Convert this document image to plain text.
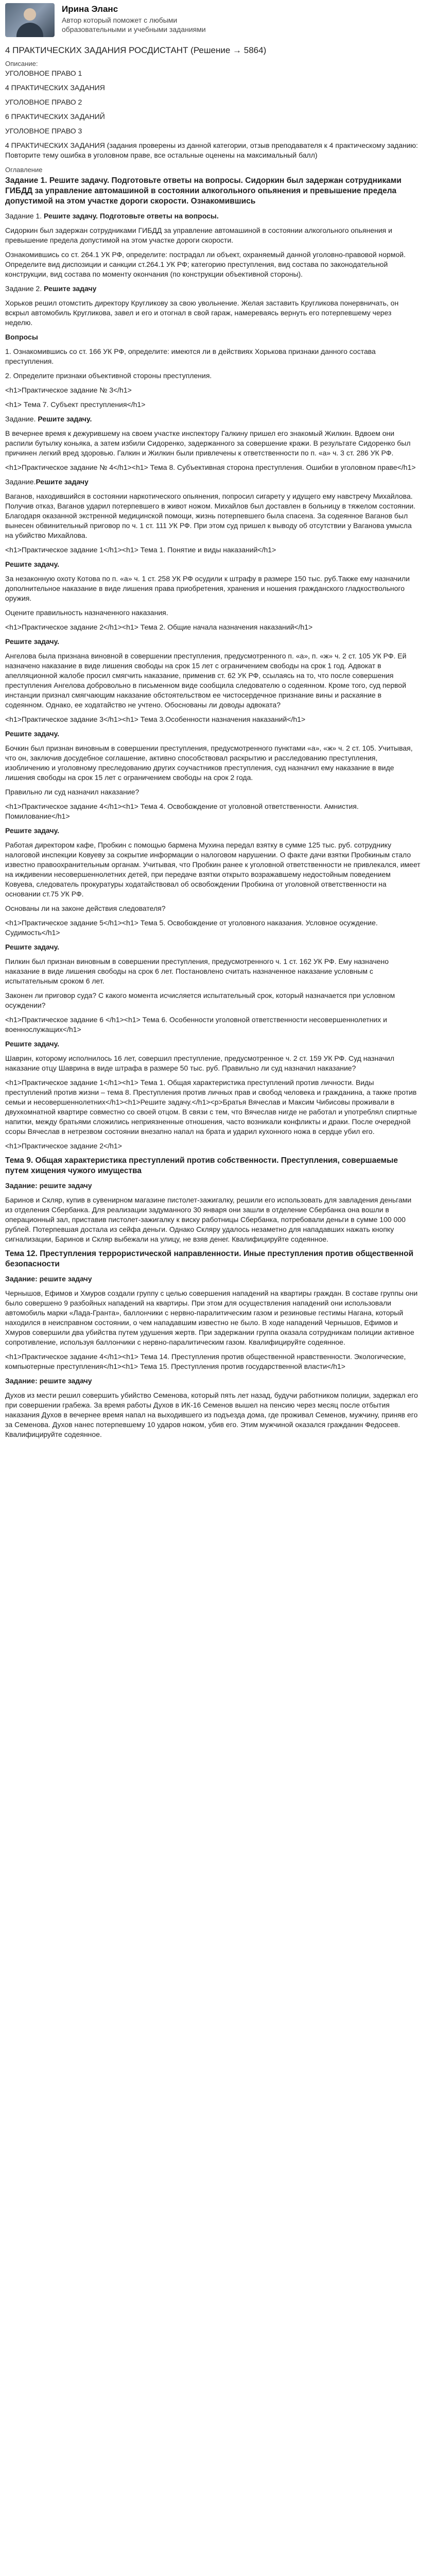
Ирина Эланс
Автор который поможет с любыми образовательными и учебными заданиями
4 ПРАКТИЧЕСКИХ ЗАДАНИЯ РОСДИСТАНТ (Решение → 5864)
Описание:
УГОЛОВНОЕ ПРАВО 1
4 ПРАКТИЧЕСКИХ ЗАДАНИЯ
УГОЛОВНОЕ ПРАВО 2
6 ПРАКТИЧЕСКИХ ЗАДАНИЙ
УГОЛОВНОЕ ПРАВО 3
4 ПРАКТИЧЕСКИХ ЗАДАНИЯ (задания проверены из данной категории, отзыв преподавателя к 4 практическому заданию: Повторите тему ошибка в уголовном праве, все остальные оценены на максимальный балл)
Оглавление
Задание 1. Решите задачу. Подготовьте ответы на вопросы. Сидоркин был задержан сотрудниками ГИБДД за управление автомашиной в состоянии алкогольного опьянения и превышение предела допустимой на этом участке дороги скорости. Ознакомившись
Задание 1. Решите задачу. Подготовьте ответы на вопросы.
Сидоркин был задержан сотрудниками ГИБДД за управление автомашиной в состоянии алкогольного опьянения и превышение предела допустимой на этом участке дороги скорости.
Ознакомившись со ст. 264.1 УК РФ, определите: пострадал ли объект, охраняемый данной уголовно-правовой нормой. Определите вид диспозиции и санкции ст.264.1 УК РФ; категорию преступления, вид состава по законодательной конструкции, вид состава по моменту окончания (по конструкции объективной стороны).
Задание 2. Решите задачу
Хорьков решил отомстить директору Кругликову за свою увольнение. Желая заставить Кругликова понервничать, он вскрыл автомобиль Кругликова, завел и его и отогнал в свой гараж, намереваясь вернуть его потерпевшему через неделю.
Вопросы
1. Ознакомившись со ст. 166 УК РФ, определите: имеются ли в действиях Хорькова признаки данного состава преступления.
2. Определите признаки объективной стороны преступления.
<h1>Практическое задание № 3</h1>
<h1> Тема 7. Субъект преступления</h1>
Задание. Решите задачу.
В вечернее время к дежурившему на своем участке инспектору Галкину пришел его знакомый Жилкин. Вдвоем они распили бутылку коньяка, а затем избили Сидоренко, задержанного за совершение кражи. В результате Сидоренко был причинен легкий вред здоровью. Галкин и Жилкин были привлечены к ответственности по п. «а» ч. 3 ст. 286 УК РФ.
<h1>Практическое задание № 4</h1><h1> Тема 8. Субъективная сторона преступления. Ошибки в уголовном праве</h1>
Задание.Решите задачу
Ваганов, находившийся в состоянии наркотического опьянения, попросил сигарету у идущего ему навстречу Михайлова. Получив отказ, Ваганов ударил потерпевшего в живот ножом. Михайлов был доставлен в больницу в тяжелом состоянии. Благодаря оказанной экстренной медицинской помощи, жизнь потерпевшего была спасена. За содеянное Ваганов был вынесен обвинительный приговор по ч. 1 ст. 111 УК РФ. При этом суд пришел к выводу об отсутствии у Ваганова умысла на убийство Михайлова.
<h1>Практическое задание 1</h1><h1> Тема 1. Понятие и виды наказаний</h1>
Решите задачу.
За незаконную охоту Котова по п. «а» ч. 1 ст. 258 УК РФ осудили к штрафу в размере 150 тыс. руб.Также ему назначили дополнительное наказание в виде лишения права приобретения, хранения и ношения гражданского гладкоствольного оружия.
Оцените правильность назначенного наказания.
<h1>Практическое задание 2</h1><h1> Тема 2. Общие начала назначения наказаний</h1>
Решите задачу.
Ангелова была признана виновной в совершении преступления, предусмотренного п. «а», п. «ж» ч. 2 ст. 105 УК РФ. Ей назначено наказание в виде лишения свободы на срок 15 лет с ограничением свободы на срок 1 год. Адвокат в апелляционной жалобе просил смягчить наказание, применив ст. 62 УК РФ, ссылаясь на то, что после совершения преступления Ангелова добровольно в письменном виде сообщила следователю о содеянном. Кроме того, суд первой инстанции признал смягчающим наказание обстоятельством ее чистосердечное признание вины и раскаяние в содеянном. Однако, ее ходатайство не учтено. Обоснованы ли доводы адвоката?
<h1>Практическое задание 3</h1><h1> Тема 3.Особенности назначения наказаний</h1>
Решите задачу.
Бочкин был признан виновным в совершении преступления, предусмотренного пунктами «а», «ж» ч. 2 ст. 105. Учитывая, что он, заключив досудебное соглашение, активно способствовал раскрытию и расследованию преступления, изобличению и уголовному преследованию других соучастников преступления, суд назначил ему наказание в виде лишения свободы на срок 15 лет с ограничением свободы на срок 2 года.
Правильно ли суд назначил наказание?
<h1>Практическое задание 4</h1><h1> Тема 4. Освобождение от уголовной ответственности. Амнистия. Помилование</h1>
Решите задачу.
Работая директором кафе, Пробкин с помощью бармена Мухина передал взятку в сумме 125 тыс. руб. сотруднику налоговой инспекции Ковуеву за сокрытие информации о налоговом нарушении. О факте дачи взятки Пробкиным стало известно правоохранительным органам. Учитывая, что Пробкин ранее к уголовной ответственности не привлекался, имеет на иждивении несовершеннолетних детей, при передаче взятки открыто возражавшему недостойным поведением Ковуева, следователь прокуратуры ходатайствовал об освобождении Пробкина от уголовной ответственности на основании ст.75 УК РФ.
Основаны ли на законе действия следователя?
<h1>Практическое задание 5</h1><h1> Тема 5. Освобождение от уголовного наказания. Условное осуждение. Судимость</h1>
Решите задачу.
Пилкин был признан виновным в совершении преступления, предусмотренного ч. 1 ст. 162 УК РФ. Ему назначено наказание в виде лишения свободы на срок 6 лет. Постановлено считать назначенное наказание условным с испытательным сроком 6 лет.
Законен ли приговор суда? С какого момента исчисляется испытательный срок, который назначается при условном осуждении?
<h1>Практическое задание 6 </h1><h1> Тема 6. Особенности уголовной ответственности несовершеннолетних и военнослужащих</h1>
Решите задачу.
Шаврин, которому исполнилось 16 лет, совершил преступление, предусмотренное ч. 2 ст. 159 УК РФ. Суд назначил наказание отцу Шаврина в виде штрафа в размере 50 тыс. руб. Правильно ли суд назначил наказание?
<h1>Практическое задание 1</h1><h1> Тема 1. Общая характеристика преступлений против личности. Виды преступлений против жизни – тема 8. Преступления против личных прав и свобод человека и гражданина, а также против семьи и несовершеннолетних</h1><h1>Решите задачу.</h1><p>Братья Вячеслав и Максим Чибисовы проживали в двухкомнатной квартире совместно со своей отцом. В связи с тем, что Вячеслав нигде не работал и употреблял спиртные напитки, между братьями сложились неприязненные отношения, часто возникали конфликты и драки. После очередной ссоры Вячеслав в нетрезвом состоянии внезапно напал на брата и ударил кухонного ножа в сердце убил его.
<h1>Практическое задание 2</h1>
Тема 9. Общая характеристика преступлений против собственности. Преступления, совершаемые путем хищения чужого имущества
Задание: решите задачу
Баринов и Скляр, купив в сувенирном магазине пистолет-зажигалку, решили его использовать для завладения деньгами из отделения Сбербанка. Для реализации задуманного 30 января они зашли в отделение Сбербанка она вошли в операционный зал, приставив пистолет-зажигалку к виску работницы Сбербанка, потребовали деньги в сумме 100 000 рублей. Потерпевшая достала из сейфа деньги. Однако Скляру удалось незаметно для нападавших нажать кнопку сигнализации, Баринов и Скляр выбежали на улицу, не взяв денег. Квалифицируйте содеянное.
Тема 12. Преступления террористической направленности. Иные преступления против общественной безопасности
Задание: решите задачу
Чернышов, Ефимов и Хмуров создали группу с целью совершения нападений на квартиры граждан. В составе группы они было совершено 9 разбойных нападений на квартиры. При этом для осуществления нападений они использовали автомобиль марки «Лада-Гранта», баллончики с нервно-паралитическим газом и резиновые гестимы Нагана, который находился в неисправном состоянии, о чем нападавшим известно не было. В ходе нападений Чернышов, Ефимов и Хмуров совершили два убийства путем удушения жертв. При задержании группа оказала сотрудникам полиции активное сопротивление, используя баллончики с нервно-паралитическим газом. Квалифицируйте содеянное.
<h1>Практическое задание 4</h1><h1> Тема 14. Преступления против общественной нравственности. Экологические, компьютерные преступления</h1><h1> Тема 15. Преступления против государственной власти</h1>
Задание: решите задачу
Духов из мести решил совершить убийство Семенова, который пять лет назад, будучи работником полиции, задержал его при совершении грабежа. За время работы Духов в ИК-16 Семенов вышел на пенсию через месяц после отбытия наказания Духов в вечернее время напал на выходившего из подъезда дома, где проживал Семенов, мужчину, приняв его за Семенова. Духов нанес потерпевшему 10 ударов ножом, убив его. Этим мужчиной оказался гражданин Федосеев. Квалифицируйте содеянное.
